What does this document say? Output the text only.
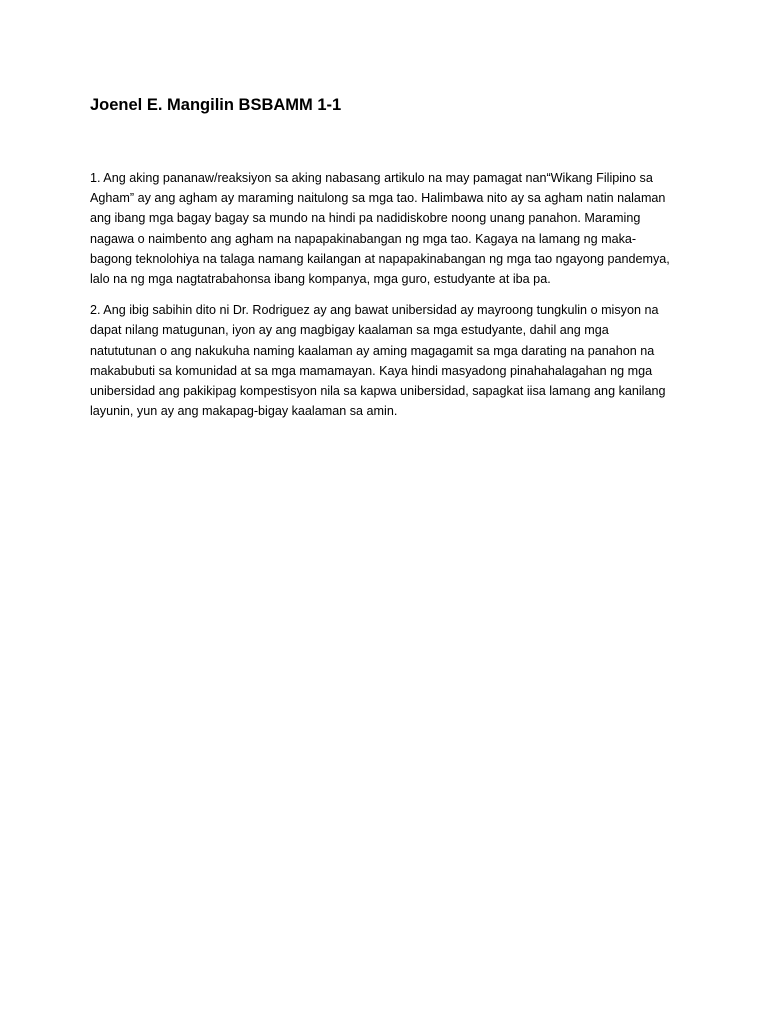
Joenel E. Mangilin BSBAMM 1-1

1. Ang aking pananaw/reaksiyon sa aking nabasang artikulo na may pamagat nan“Wikang Filipino sa Agham” ay ang agham ay maraming naitulong sa mga tao. Halimbawa nito ay sa agham natin nalaman ang ibang mga bagay bagay sa mundo na hindi pa nadidiskobre noong unang panahon. Maraming nagawa o naimbento ang agham na napapakinabangan ng mga tao. Kagaya na lamang ng maka-bagong teknolohiya na talaga namang kailangan at napapakinabangan ng mga tao ngayong pandemya, lalo na ng mga nagtatrabahonsa ibang kompanya, mga guro, estudyante at iba pa.

2. Ang ibig sabihin dito ni Dr. Rodriguez ay ang bawat unibersidad ay mayroong tungkulin o misyon na dapat nilang matugunan, iyon ay ang magbigay kaalaman sa mga estudyante, dahil ang mga natututunan o ang nakukuha naming kaalaman ay aming magagamit sa mga darating na panahon na makabubuti sa komunidad at sa mga mamamayan. Kaya hindi masyadong pinahahalagahan ng mga unibersidad ang pakikipag kompestisyon nila sa kapwa unibersidad, sapagkat iisa lamang ang kanilang layunin, yun ay ang makapag-bigay kaalaman sa amin.
